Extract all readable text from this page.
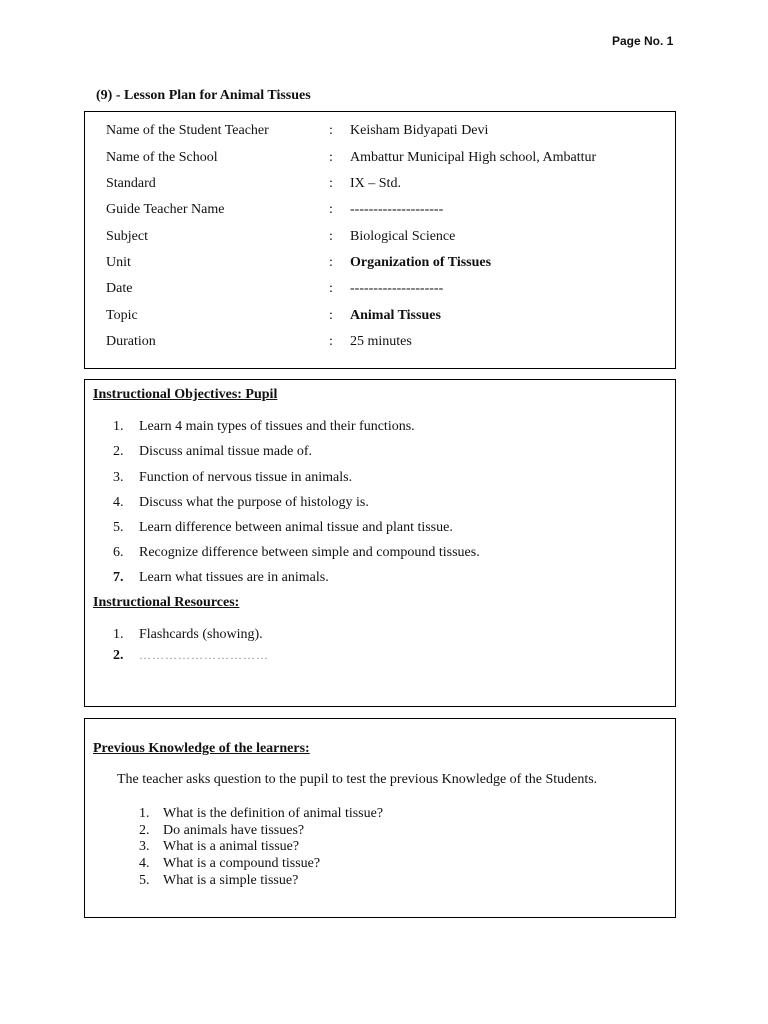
Page No. 1
(9) - Lesson Plan for Animal Tissues
Name of the Student Teacher	: Keisham Bidyapati Devi
Name of the School	: Ambattur Municipal High school, Ambattur
Standard	: IX – Std.
Guide Teacher Name	: --------------------
Subject	: Biological Science
Unit	: Organization of Tissues
Date	: --------------------
Topic	: Animal Tissues
Duration	: 25 minutes
Instructional Objectives: Pupil
1. Learn 4 main types of tissues and their functions.
2. Discuss animal tissue made of.
3. Function of nervous tissue in animals.
4. Discuss what the purpose of histology is.
5. Learn difference between animal tissue and plant tissue.
6. Recognize difference between simple and compound tissues.
7. Learn what tissues are in animals.
Instructional Resources:
1. Flashcards (showing).
2. …………………………
Previous Knowledge of the learners:
The teacher asks question to the pupil to test the previous Knowledge of the Students.
1. What is the definition of animal tissue?
2. Do animals have tissues?
3. What is a animal tissue?
4. What is a compound tissue?
5. What is a simple tissue?
